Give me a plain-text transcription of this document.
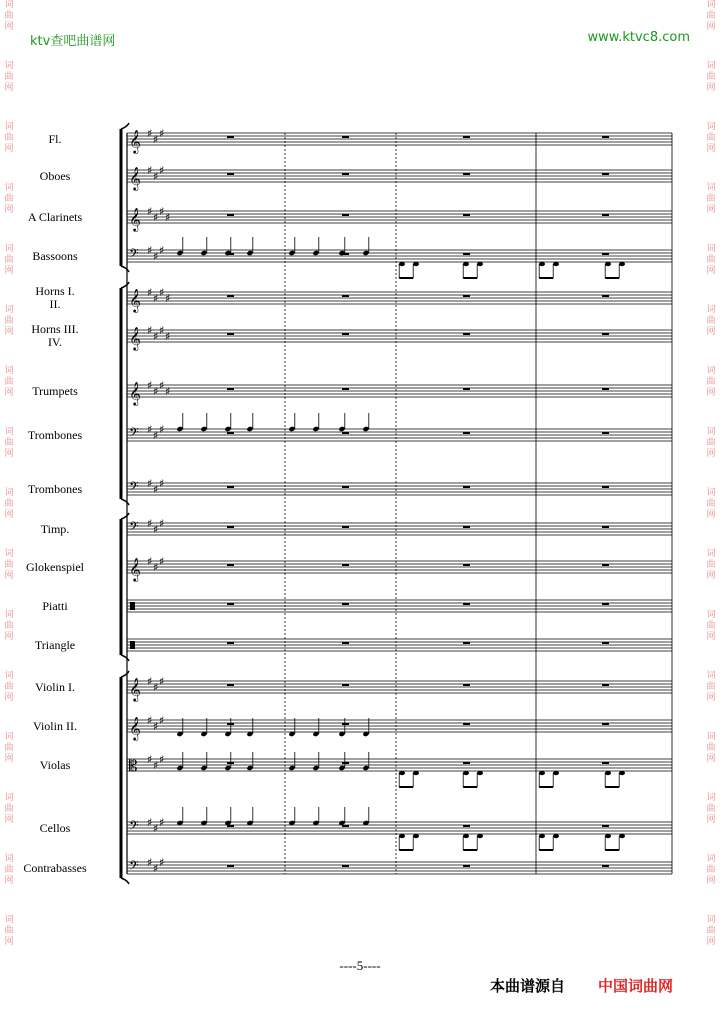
ktv查吧曲谱网	www.ktvc8.com
词
曲
网
词
曲
网
词
曲
网
词
曲
网
词
曲
网
词
曲
网
词
曲
网
词
曲
网
词
曲
网
词
曲
网
词
曲
网
词
曲
网
词
曲
网
词
曲
网
词
曲
网
词
曲
网
词
曲
网
词
曲
网
词
曲
网
词
曲
网
词
曲
网
词
曲
网
词
曲
网
词
曲
网
词
曲
网
词
曲
网
词
曲
网
词
曲
网
词
曲
网
词
曲
网
词
曲
网
词
曲
网
𝄞 ♯ ♯ ♯
𝄞 ♯ ♯ ♯
𝄞 ♯ ♯ ♯ ♯
𝄢 ♯ ♯ ♯
𝄞 ♯ ♯ ♯ ♯
𝄞 ♯ ♯ ♯ ♯
𝄞 ♯ ♯ ♯ ♯
𝄢 ♯ ♯ ♯
𝄢 ♯ ♯ ♯
𝄢 ♯ ♯ ♯
𝄞 ♯ ♯ ♯
𝄞 ♯ ♯ ♯
𝄞 ♯ ♯ ♯
𝄡 ♯ ♯ ♯
𝄢 ♯ ♯ ♯
𝄢 ♯ ♯ ♯
Fl.
Oboes
A Clarinets
Bassoons
Horns I.
II.
Horns III.
IV.
Trumpets
Trombones
Trombones
Timp.
Glokenspiel
Piatti
Triangle
Violin I.
Violin II.
Violas
Cellos
Contrabasses
----5----
本曲谱源自 中国词曲网
